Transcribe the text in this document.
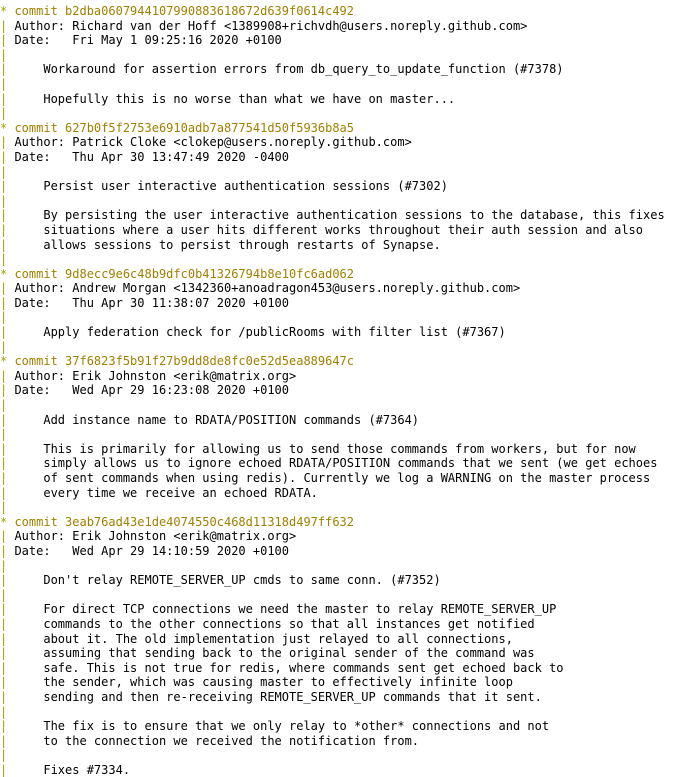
* commit b2dba0607944107990883618672d639f0614c492
| Author: Richard van der Hoff <1389908+richvdh@users.noreply.github.com>
| Date:   Fri May 1 09:25:16 2020 +0100
|
|     Workaround for assertion errors from db_query_to_update_function (#7378)
|
|     Hopefully this is no worse than what we have on master...
|
* commit 627b0f5f2753e6910adb7a877541d50f5936b8a5
| Author: Patrick Cloke <clokep@users.noreply.github.com>
| Date:   Thu Apr 30 13:47:49 2020 -0400
|
|     Persist user interactive authentication sessions (#7302)
|
|     By persisting the user interactive authentication sessions to the database, this fixes
|     situations where a user hits different works throughout their auth session and also
|     allows sessions to persist through restarts of Synapse.
|
* commit 9d8ecc9e6c48b9dfc0b41326794b8e10fc6ad062
| Author: Andrew Morgan <1342360+anoadragon453@users.noreply.github.com>
| Date:   Thu Apr 30 11:38:07 2020 +0100
|
|     Apply federation check for /publicRooms with filter list (#7367)
|
* commit 37f6823f5b91f27b9dd8de8fc0e52d5ea889647c
| Author: Erik Johnston <erik@matrix.org>
| Date:   Wed Apr 29 16:23:08 2020 +0100
|
|     Add instance name to RDATA/POSITION commands (#7364)
|
|     This is primarily for allowing us to send those commands from workers, but for now
|     simply allows us to ignore echoed RDATA/POSITION commands that we sent (we get echoes
|     of sent commands when using redis). Currently we log a WARNING on the master process
|     every time we receive an echoed RDATA.
|
* commit 3eab76ad43e1de4074550c468d11318d497ff632
| Author: Erik Johnston <erik@matrix.org>
| Date:   Wed Apr 29 14:10:59 2020 +0100
|
|     Don't relay REMOTE_SERVER_UP cmds to same conn. (#7352)
|
|     For direct TCP connections we need the master to relay REMOTE_SERVER_UP
|     commands to the other connections so that all instances get notified
|     about it. The old implementation just relayed to all connections,
|     assuming that sending back to the original sender of the command was
|     safe. This is not true for redis, where commands sent get echoed back to
|     the sender, which was causing master to effectively infinite loop
|     sending and then re-receiving REMOTE_SERVER_UP commands that it sent.
|
|     The fix is to ensure that we only relay to *other* connections and not
|     to the connection we received the notification from.
|
|     Fixes #7334.
